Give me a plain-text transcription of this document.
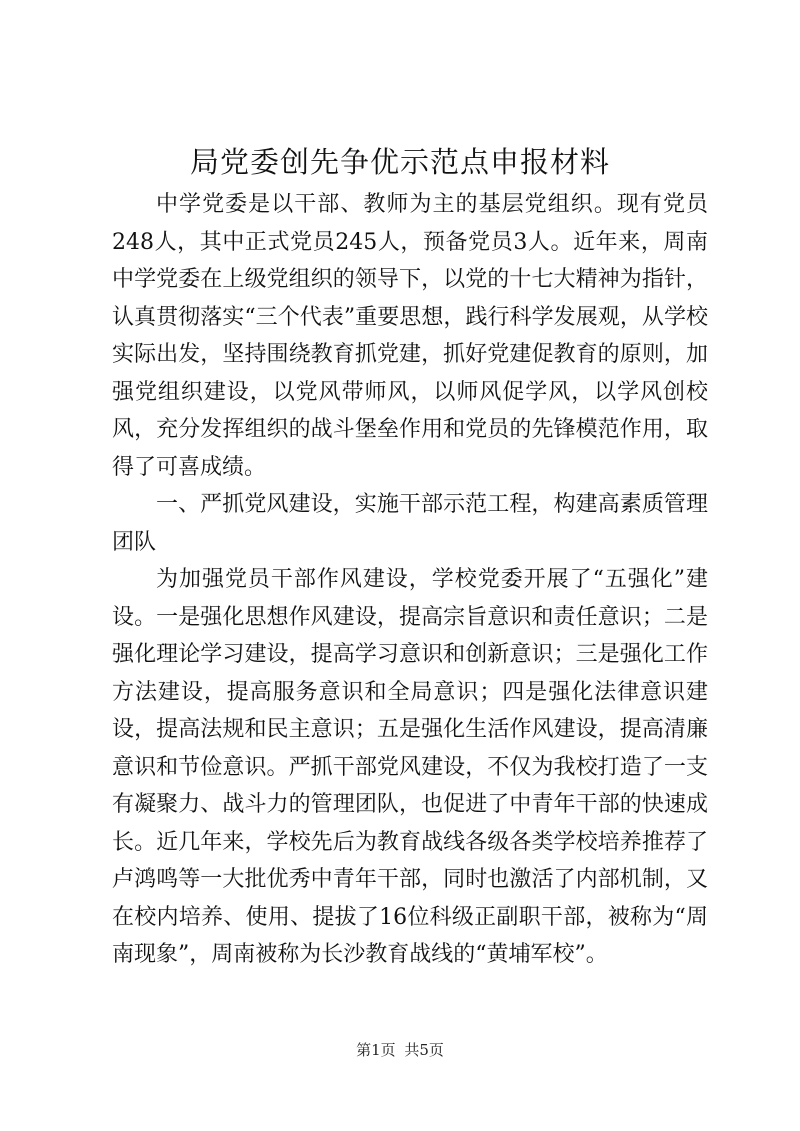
局党委创先争优示范点申报材料

中学党委是以干部、教师为主的基层党组织。现有党员248人，其中正式党员245人，预备党员3人。近年来，周南中学党委在上级党组织的领导下，以党的十七大精神为指针，认真贯彻落实“三个代表”重要思想，践行科学发展观，从学校实际出发，坚持围绕教育抓党建，抓好党建促教育的原则，加强党组织建设，以党风带师风，以师风促学风，以学风创校风，充分发挥组织的战斗堡垒作用和党员的先锋模范作用，取得了可喜成绩。

一、严抓党风建设，实施干部示范工程，构建高素质管理团队

为加强党员干部作风建设，学校党委开展了“五强化”建设。一是强化思想作风建设，提高宗旨意识和责任意识；二是强化理论学习建设，提高学习意识和创新意识；三是强化工作方法建设，提高服务意识和全局意识；四是强化法律意识建设，提高法规和民主意识；五是强化生活作风建设，提高清廉意识和节俭意识。严抓干部党风建设，不仅为我校打造了一支有凝聚力、战斗力的管理团队，也促进了中青年干部的快速成长。近几年来，学校先后为教育战线各级各类学校培养推荐了卢鸿鸣等一大批优秀中青年干部，同时也激活了内部机制，又在校内培养、使用、提拔了16位科级正副职干部，被称为“周南现象”，周南被称为长沙教育战线的“黄埔军校”。

第1页 共5页
